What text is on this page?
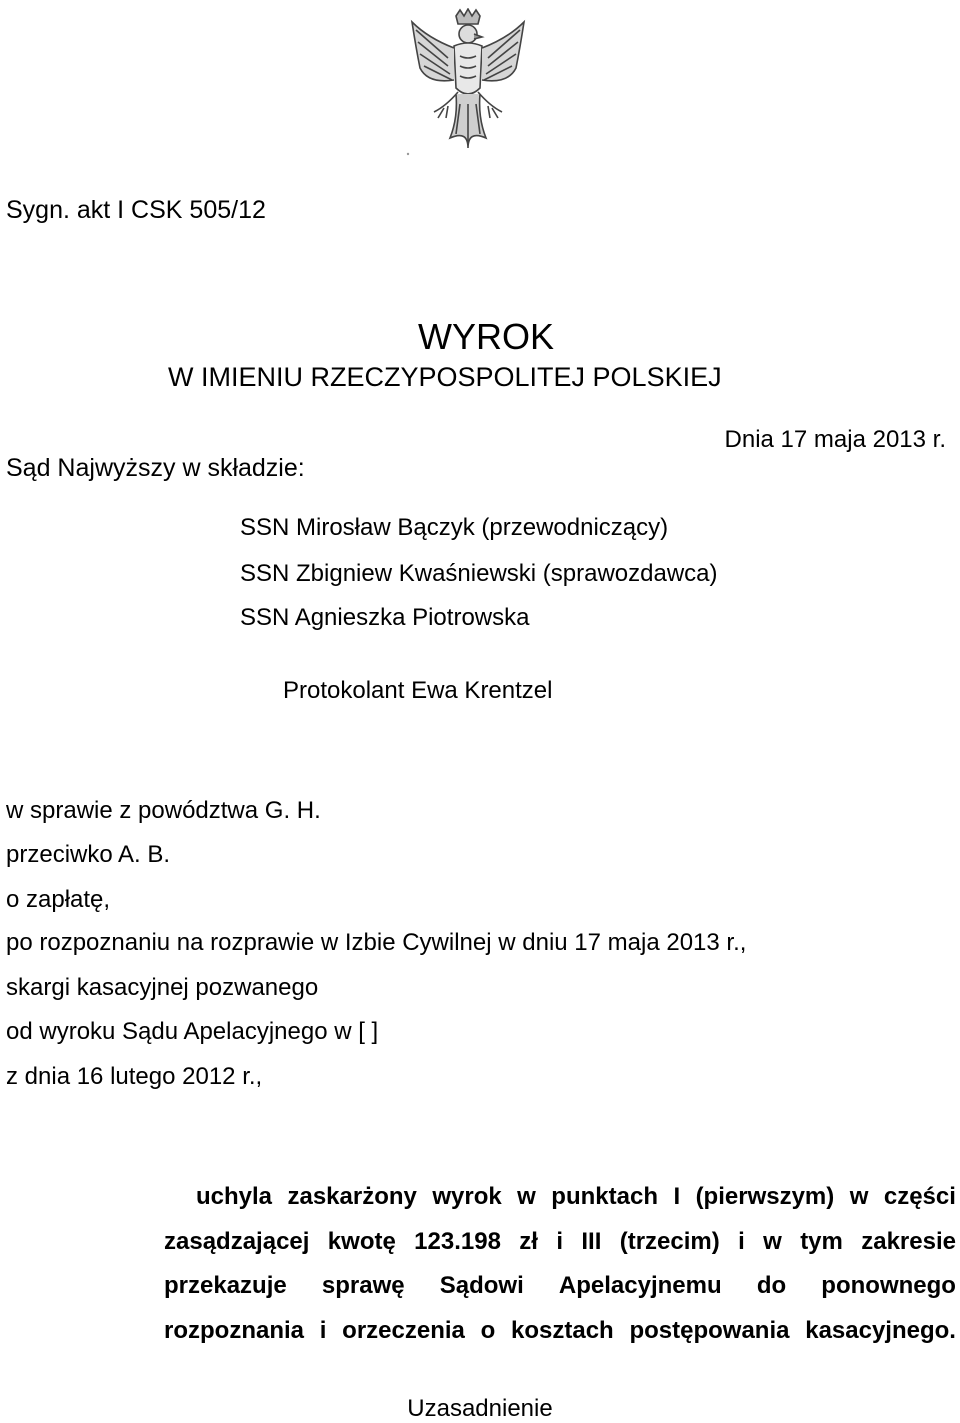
Sygn. akt I CSK 505/12
WYROK
W IMIENIU RZECZYPOSPOLITEJ POLSKIEJ
Dnia 17 maja 2013 r.
Sąd Najwyższy w składzie:
SSN Mirosław Bączyk (przewodniczący)
SSN Zbigniew Kwaśniewski (sprawozdawca)
SSN Agnieszka Piotrowska
Protokolant Ewa Krentzel
w sprawie z powództwa G. H.
przeciwko A. B.
o zapłatę,
po rozpoznaniu na rozprawie w Izbie Cywilnej w dniu 17 maja 2013 r.,
skargi kasacyjnej pozwanego
od wyroku Sądu Apelacyjnego w [ ]
z dnia 16 lutego 2012 r.,
uchyla zaskarżony wyrok w punktach I (pierwszym) w części
zasądzającej kwotę 123.198 zł i III (trzecim) i w tym zakresie
przekazuje sprawę Sądowi Apelacyjnemu do ponownego
rozpoznania i orzeczenia o kosztach postępowania kasacyjnego.
Uzasadnienie
